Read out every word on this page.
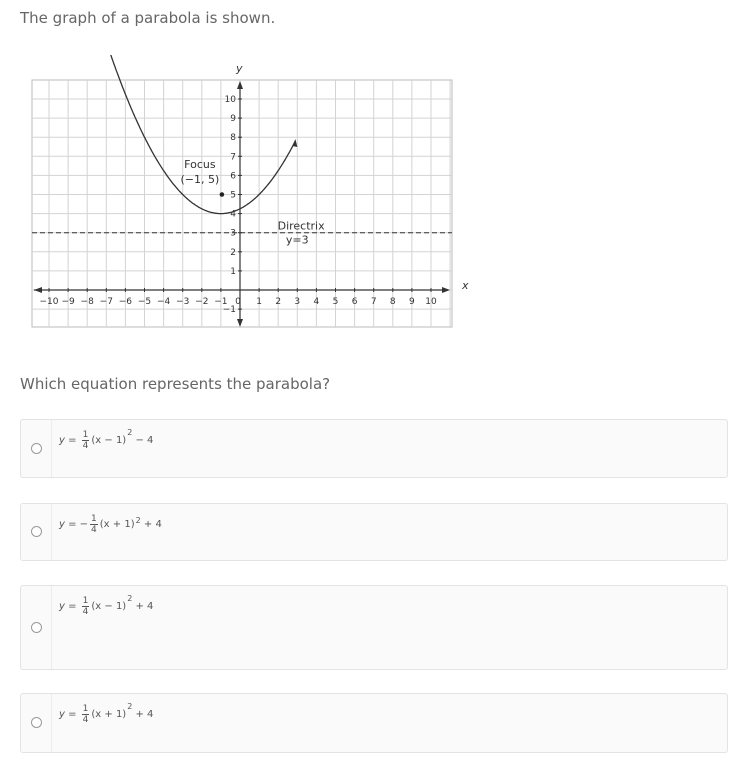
The graph of a parabola is shown.
x
y
−10 −9 −8 −7 −6 −5 −4 −3 −2 −1 0 1 2 3 4 5 6 7 8 9 10
−1
1
2
3
4
5
6
7
8
9
10
Directrix
y=3
Focus
(−1, 5)
Which equation represents the parabola?
$y = \frac{1}{4} (x - 1)$
2
− 4
y = − $\frac{1}{4} (x + 1) 2 + 4$
$y = \frac{1}{4} (x - 1)$
2
+ 4
$y = \frac{1}{4} (x + 1)$
2
+ 4
